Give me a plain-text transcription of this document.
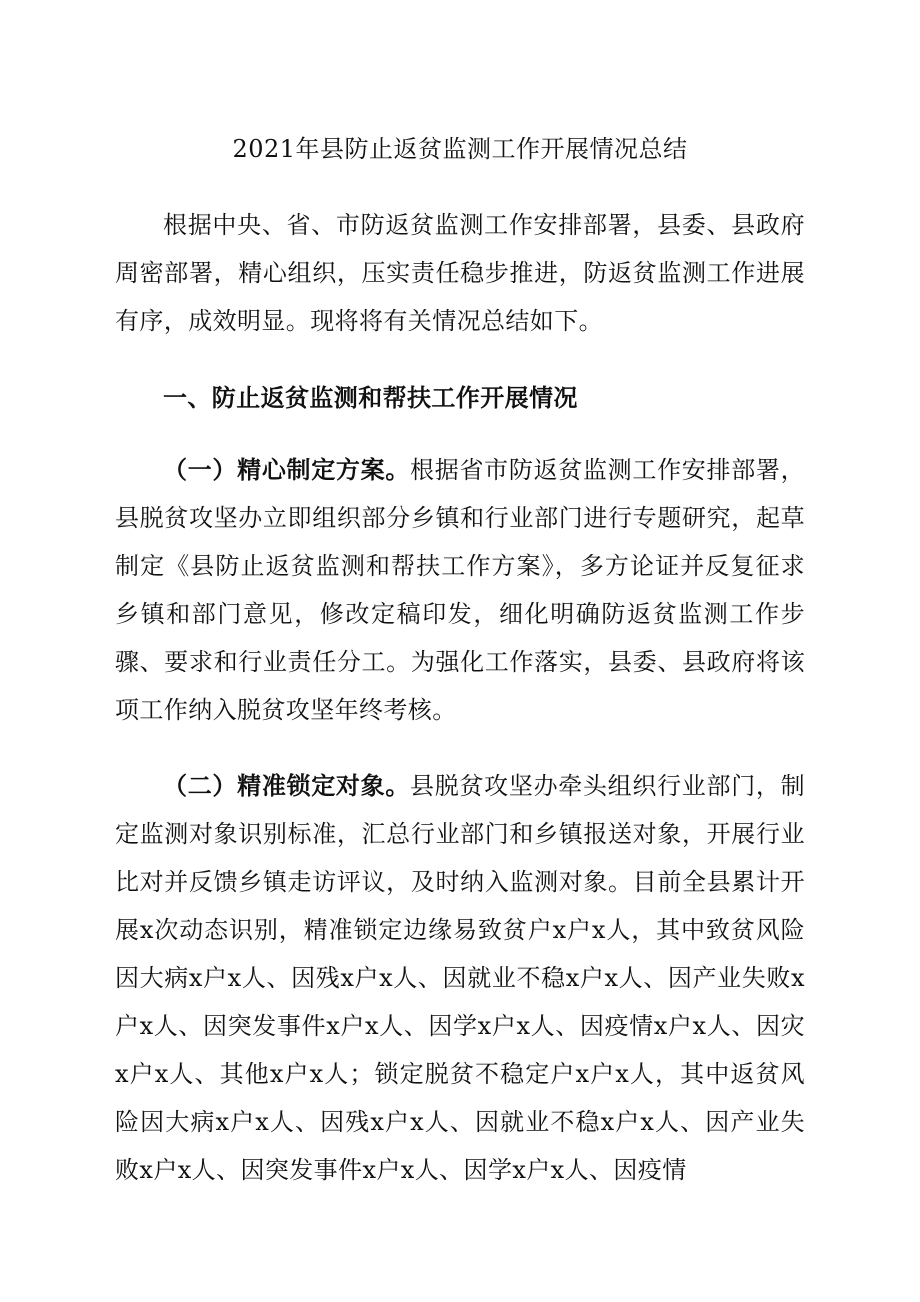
2021年县防止返贫监测工作开展情况总结

根据中央、省、市防返贫监测工作安排部署，县委、县政府周密部署，精心组织，压实责任稳步推进，防返贫监测工作进展有序，成效明显。现将将有关情况总结如下。

一、防止返贫监测和帮扶工作开展情况

（一）精心制定方案。根据省市防返贫监测工作安排部署，县脱贫攻坚办立即组织部分乡镇和行业部门进行专题研究，起草制定《县防止返贫监测和帮扶工作方案》，多方论证并反复征求乡镇和部门意见，修改定稿印发，细化明确防返贫监测工作步骤、要求和行业责任分工。为强化工作落实，县委、县政府将该项工作纳入脱贫攻坚年终考核。

（二）精准锁定对象。县脱贫攻坚办牵头组织行业部门，制定监测对象识别标准，汇总行业部门和乡镇报送对象，开展行业比对并反馈乡镇走访评议，及时纳入监测对象。目前全县累计开展x次动态识别，精准锁定边缘易致贫户x户x人，其中致贫风险因大病x户x人、因残x户x人、因就业不稳x户x人、因产业失败x户x人、因突发事件x户x人、因学x户x人、因疫情x户x人、因灾x户x人、其他x户x人；锁定脱贫不稳定户x户x人，其中返贫风险因大病x户x人、因残x户x人、因就业不稳x户x人、因产业失败x户x人、因突发事件x户x人、因学x户x人、因疫情
